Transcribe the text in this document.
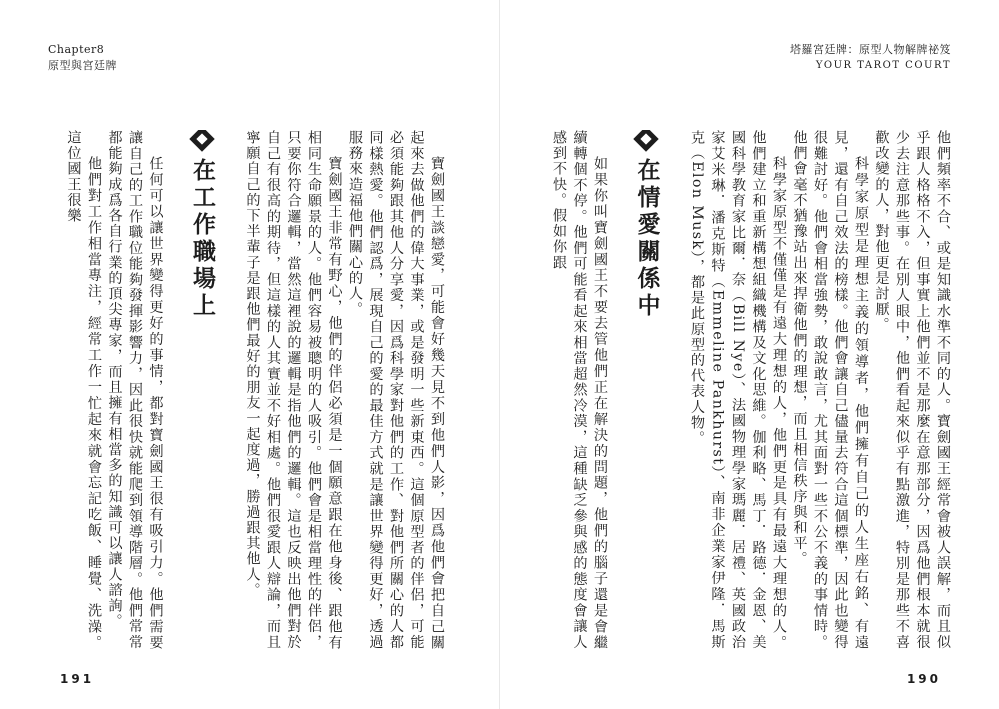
Chapter8
原型與宮廷牌

寶劍國王談戀愛，可能會好幾天見不到他們人影，因爲他們會把自己關起來去做他們的偉大事業，或是發明一些新東西。這個原型者的伴侶，可能必須能夠跟其他人分享愛，因爲科學家對他們的工作、對他們所關心的人都同樣熱愛。他們認爲，展現自己的愛的最佳方式就是讓世界變得更好，透過服務來造福他們關心的人。

寶劍國王非常有野心，他們的伴侶必須是一個願意跟在他身後、跟他有相同生命願景的人。他們容易被聰明的人吸引。他們會是相當理性的伴侶，只要你符合邏輯，當然這裡說的邏輯是指他們的邏輯。這也反映出他們對於自己有很高的期待，但這樣的人其實並不好相處。他們很愛跟人辯論，而且寧願自己的下半輩子是跟他們最好的朋友一起度過，勝過跟其他人。

在工作職場上

任何可以讓世界變得更好的事情，都對寶劍國王很有吸引力。他們需要讓自己的工作職位能夠發揮影響力，因此很快就能爬到領導階層。他們常常都能夠成爲各自行業的頂尖專家，而且擁有相當多的知識可以讓人諮詢。

他們對工作相當專注，經常工作一忙起來就會忘記吃飯、睡覺、洗澡。這位國王很樂

191
塔羅宮廷牌：原型人物解牌祕笈
YOUR TAROT COURT

他們頻率不合、或是知識水準不同的人。寶劍國王經常會被人誤解，而且似乎跟人格格不入，但事實上他們並不是那麼在意那部分，因爲他們根本就很少去注意那些事。在別人眼中，他們看起來似乎有點激進，特別是那些不喜歡改變的人，對他更是討厭。

科學家原型是理想主義的領導者，他們擁有自己的人生座右銘、有遠見，還有自己效法的榜樣。他們會讓自己儘量去符合這個標準，因此也變得很難討好。他們會相當強勢，敢說敢言，尤其面對一些不公不義的事情時。他們會毫不猶豫站出來捍衛他們的理想，而且相信秩序與和平。

科學家原型不僅僅是有遠大理想的人，他們更是具有最遠大理想的人。他們建立和重新構想組織機構及文化思維。伽利略、馬丁．路德．金恩、美國科學教育家比爾．奈（Bill Nye）、法國物理學家瑪麗．居禮、英國政治家艾米琳．潘克斯特（Emmeline Pankhurst）、南非企業家伊隆．馬斯克（Elon Musk），都是此原型的代表人物。

在情愛關係中

如果你叫寶劍國王不要去管他們正在解決的問題，他們的腦子還是會繼續轉個不停。他們可能看起來相當超然冷漠，這種缺乏參與感的態度會讓人感到不快。假如你跟

190
